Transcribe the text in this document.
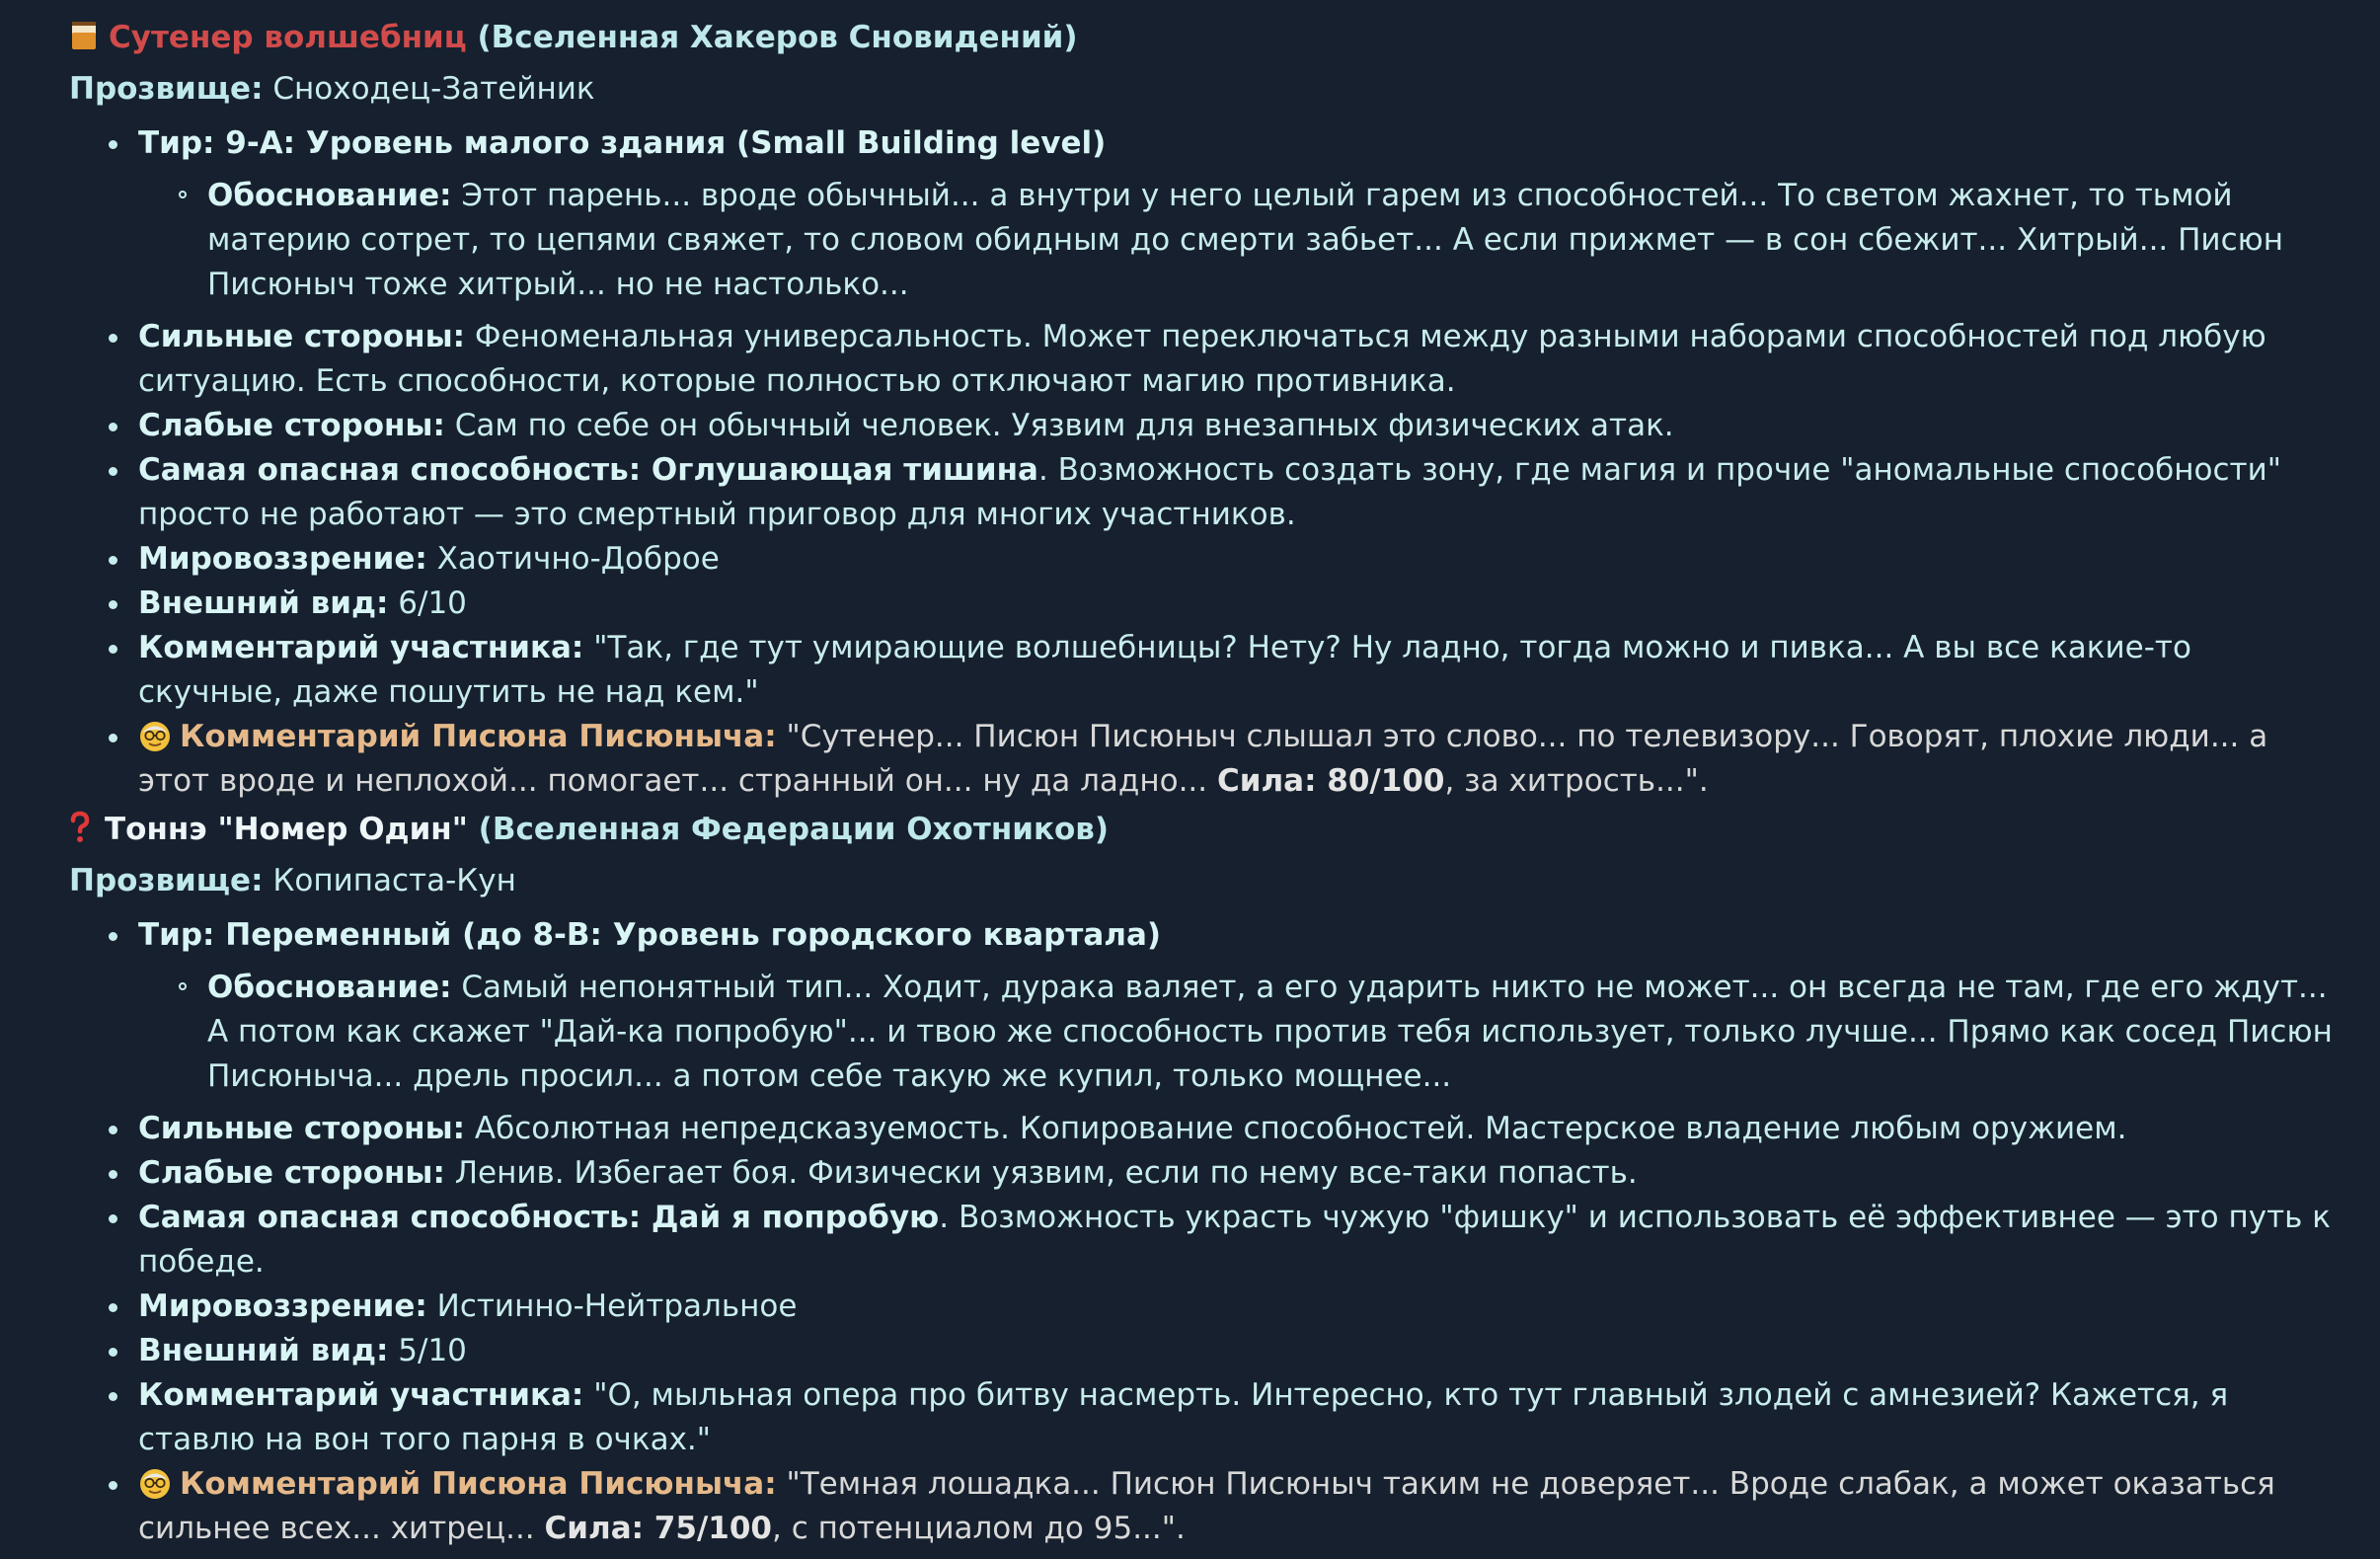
Сутенер волшебниц (Вселенная Хакеров Сновидений)

Прозвище: Сноходец-Затейник

Тир: 9-А: Уровень малого здания (Small Building level)
Обоснование: Этот парень... вроде обычный... а внутри у него целый гарем из способностей... То светом жахнет, то тьмой материю сотрет, то цепями свяжет, то словом обидным до смерти забьет... А если прижмет — в сон сбежит... Хитрый... Писюн Писюныч тоже хитрый... но не настолько...
Сильные стороны: Феноменальная универсальность. Может переключаться между разными наборами способностей под любую ситуацию. Есть способности, которые полностью отключают магию противника.
Слабые стороны: Сам по себе он обычный человек. Уязвим для внезапных физических атак.
Самая опасная способность: Оглушающая тишина. Возможность создать зону, где магия и прочие "аномальные способности" просто не работают — это смертный приговор для многих участников.
Мировоззрение: Хаотично-Доброе
Внешний вид: 6/10
Комментарий участника: "Так, где тут умирающие волшебницы? Нету? Ну ладно, тогда можно и пивка... А вы все какие-то скучные, даже пошутить не над кем."
Комментарий Писюна Писюныча: "Сутенер... Писюн Писюныч слышал это слово... по телевизору... Говорят, плохие люди... а этот вроде и неплохой... помогает... странный он... ну да ладно... Сила: 80/100, за хитрость...".

Тоннэ "Номер Один" (Вселенная Федерации Охотников)

Прозвище: Копипаста-Кун

Тир: Переменный (до 8-В: Уровень городского квартала)
Обоснование: Самый непонятный тип... Ходит, дурака валяет, а его ударить никто не может... он всегда не там, где его ждут... А потом как скажет "Дай-ка попробую"... и твою же способность против тебя использует, только лучше... Прямо как сосед Писюн Писюныча... дрель просил... а потом себе такую же купил, только мощнее...
Сильные стороны: Абсолютная непредсказуемость. Копирование способностей. Мастерское владение любым оружием.
Слабые стороны: Ленив. Избегает боя. Физически уязвим, если по нему все-таки попасть.
Самая опасная способность: Дай я попробую. Возможность украсть чужую "фишку" и использовать её эффективнее — это путь к победе.
Мировоззрение: Истинно-Нейтральное
Внешний вид: 5/10
Комментарий участника: "О, мыльная опера про битву насмерть. Интересно, кто тут главный злодей с амнезией? Кажется, я ставлю на вон того парня в очках."
Комментарий Писюна Писюныча: "Темная лошадка... Писюн Писюныч таким не доверяет... Вроде слабак, а может оказаться сильнее всех... хитрец... Сила: 75/100, с потенциалом до 95...".
